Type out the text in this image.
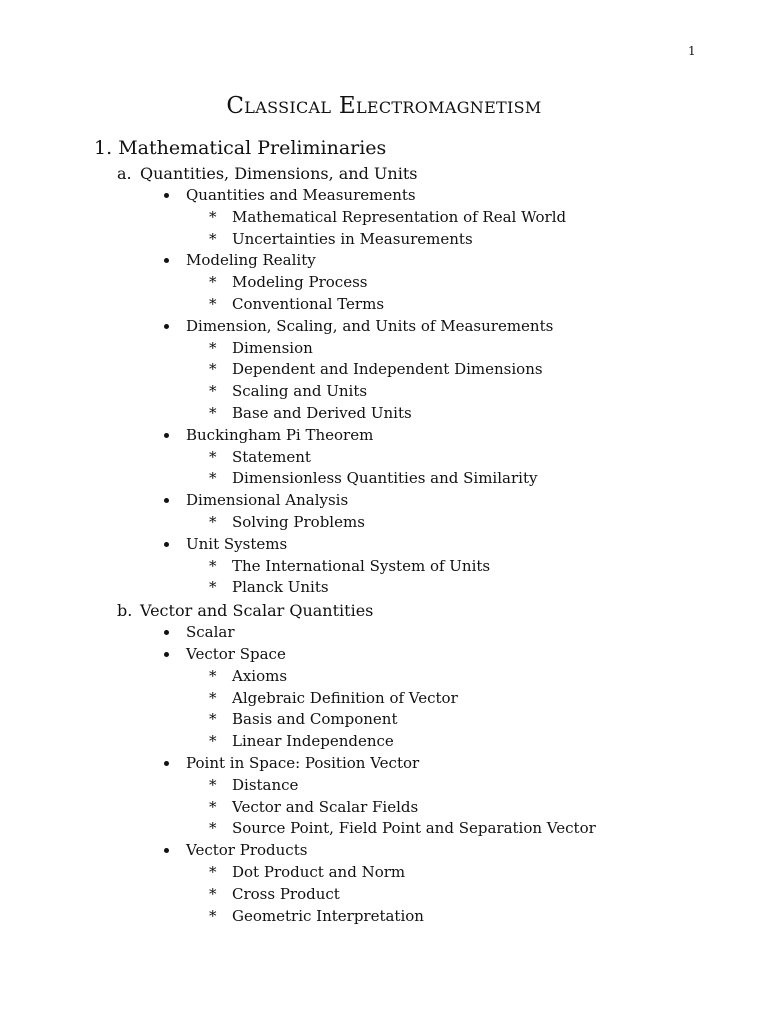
1
Classical Electromagnetism
1. Mathematical Preliminaries
a. Quantities, Dimensions, and Units
Quantities and Measurements
* Mathematical Representation of Real World
* Uncertainties in Measurements
Modeling Reality
* Modeling Process
* Conventional Terms
Dimension, Scaling, and Units of Measurements
* Dimension
* Dependent and Independent Dimensions
* Scaling and Units
* Base and Derived Units
Buckingham Pi Theorem
* Statement
* Dimensionless Quantities and Similarity
Dimensional Analysis
* Solving Problems
Unit Systems
* The International System of Units
* Planck Units
b. Vector and Scalar Quantities
Scalar
Vector Space
* Axioms
* Algebraic Definition of Vector
* Basis and Component
* Linear Independence
Point in Space: Position Vector
* Distance
* Vector and Scalar Fields
* Source Point, Field Point and Separation Vector
Vector Products
* Dot Product and Norm
* Cross Product
* Geometric Interpretation
